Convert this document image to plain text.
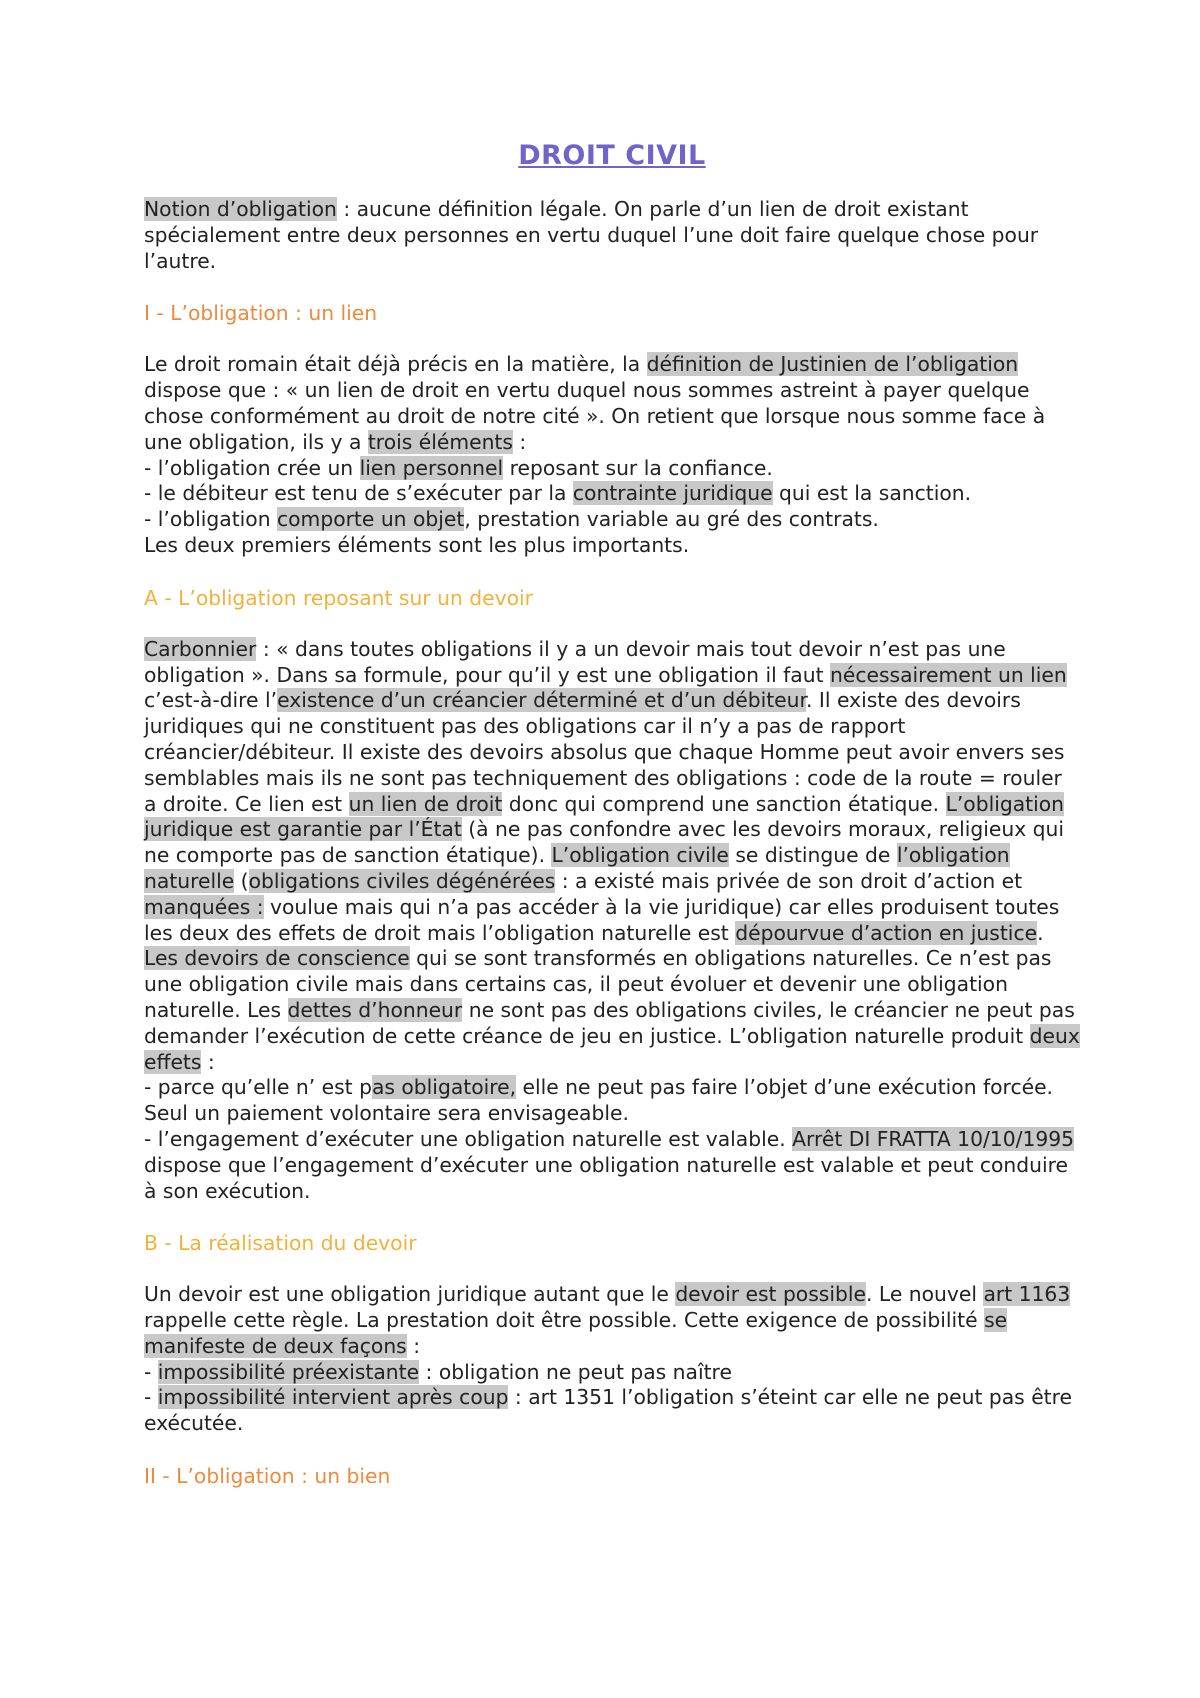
DROIT CIVIL

Notion d’obligation : aucune définition légale. On parle d’un lien de droit existant spécialement entre deux personnes en vertu duquel l’une doit faire quelque chose pour l’autre.

I - L’obligation : un lien

Le droit romain était déjà précis en la matière, la définition de Justinien de l’obligation dispose que : « un lien de droit en vertu duquel nous sommes astreint à payer quelque chose conformément au droit de notre cité ». On retient que lorsque nous somme face à une obligation, ils y a trois éléments :
- l’obligation crée un lien personnel reposant sur la confiance.
- le débiteur est tenu de s’exécuter par la contrainte juridique qui est la sanction.
- l’obligation comporte un objet, prestation variable au gré des contrats.
Les deux premiers éléments sont les plus importants.

A - L’obligation reposant sur un devoir

Carbonnier : « dans toutes obligations il y a un devoir mais tout devoir n’est pas une obligation ». Dans sa formule, pour qu’il y est une obligation il faut nécessairement un lien c’est-à-dire l’existence d’un créancier déterminé et d’un débiteur. Il existe des devoirs juridiques qui ne constituent pas des obligations car il n’y a pas de rapport créancier/débiteur. Il existe des devoirs absolus que chaque Homme peut avoir envers ses semblables mais ils ne sont pas techniquement des obligations : code de la route = rouler a droite. Ce lien est un lien de droit donc qui comprend une sanction étatique. L’obligation juridique est garantie par l’État (à ne pas confondre avec les devoirs moraux, religieux qui ne comporte pas de sanction étatique). L’obligation civile se distingue de l’obligation naturelle (obligations civiles dégénérées : a existé mais privée de son droit d’action et manquées : voulue mais qui n’a pas accéder à la vie juridique) car elles produisent toutes les deux des effets de droit mais l’obligation naturelle est dépourvue d’action en justice. Les devoirs de conscience qui se sont transformés en obligations naturelles. Ce n’est pas une obligation civile mais dans certains cas, il peut évoluer et devenir une obligation naturelle. Les dettes d’honneur ne sont pas des obligations civiles, le créancier ne peut pas demander l’exécution de cette créance de jeu en justice. L’obligation naturelle produit deux effets :
- parce qu’elle n’ est pas obligatoire, elle ne peut pas faire l’objet d’une exécution forcée. Seul un paiement volontaire sera envisageable.
- l’engagement d’exécuter une obligation naturelle est valable. Arrêt DI FRATTA 10/10/1995 dispose que l’engagement d’exécuter une obligation naturelle est valable et peut conduire à son exécution.

B - La réalisation du devoir

Un devoir est une obligation juridique autant que le devoir est possible. Le nouvel art 1163 rappelle cette règle. La prestation doit être possible. Cette exigence de possibilité se manifeste de deux façons :
- impossibilité préexistante : obligation ne peut pas naître
- impossibilité intervient après coup : art 1351 l’obligation s’éteint car elle ne peut pas être exécutée.

II - L’obligation : un bien
